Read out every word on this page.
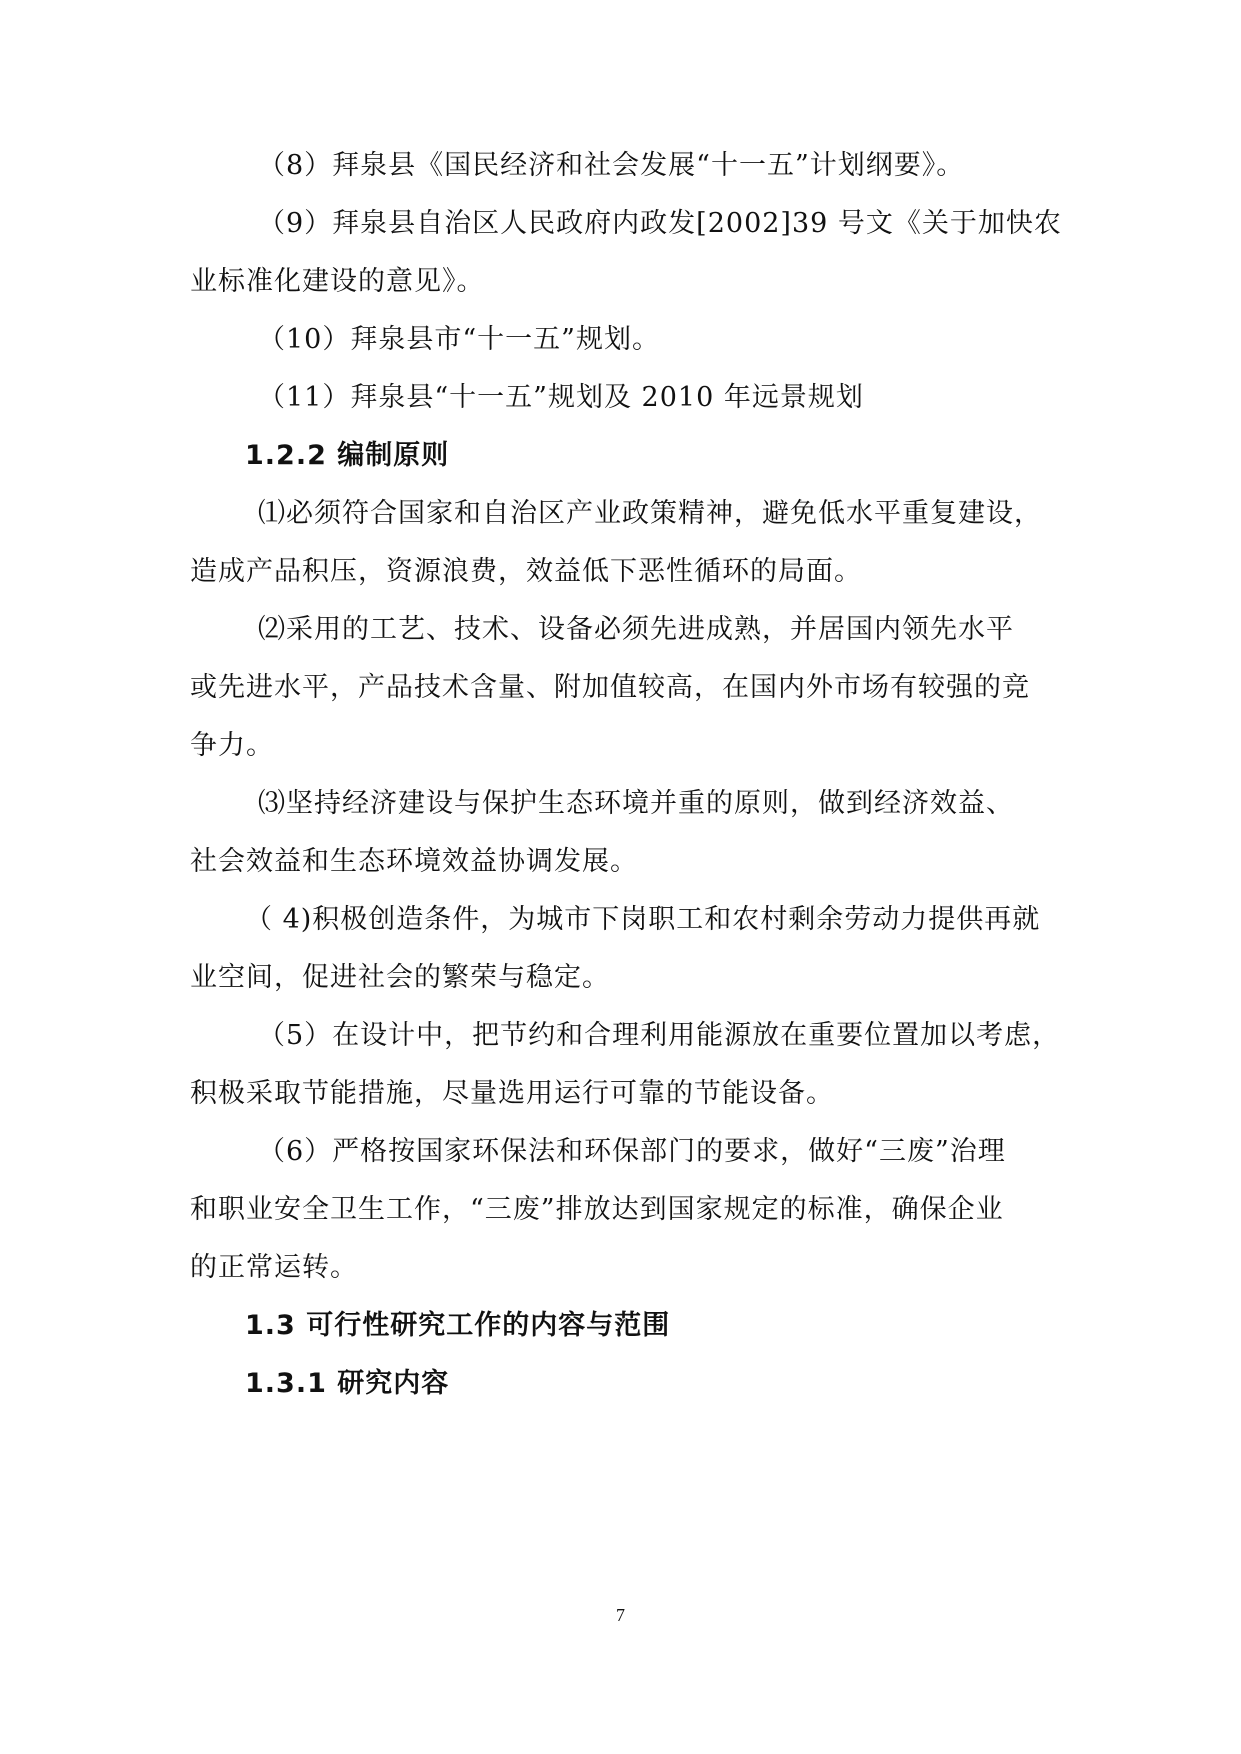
（8）拜泉县《国民经济和社会发展“十一五”计划纲要》。

（9）拜泉县自治区人民政府内政发[2002]39 号文《关于加快农

业标准化建设的意见》。

（10）拜泉县市“十一五”规划。

（11）拜泉县“十一五”规划及 2010 年远景规划

1.2.2 编制原则

⑴必须符合国家和自治区产业政策精神，避免低水平重复建设，

造成产品积压，资源浪费，效益低下恶性循环的局面。

⑵采用的工艺、技术、设备必须先进成熟，并居国内领先水平

或先进水平，产品技术含量、附加值较高，在国内外市场有较强的竞

争力。

⑶坚持经济建设与保护生态环境并重的原则，做到经济效益、

社会效益和生态环境效益协调发展。

（ 4)积极创造条件，为城市下岗职工和农村剩余劳动力提供再就

业空间，促进社会的繁荣与稳定。

（5）在设计中，把节约和合理利用能源放在重要位置加以考虑，

积极采取节能措施，尽量选用运行可靠的节能设备。

（6）严格按国家环保法和环保部门的要求，做好“三废”治理

和职业安全卫生工作，“三废”排放达到国家规定的标准，确保企业

的正常运转。

1.3 可行性研究工作的内容与范围

1.3.1 研究内容

7
